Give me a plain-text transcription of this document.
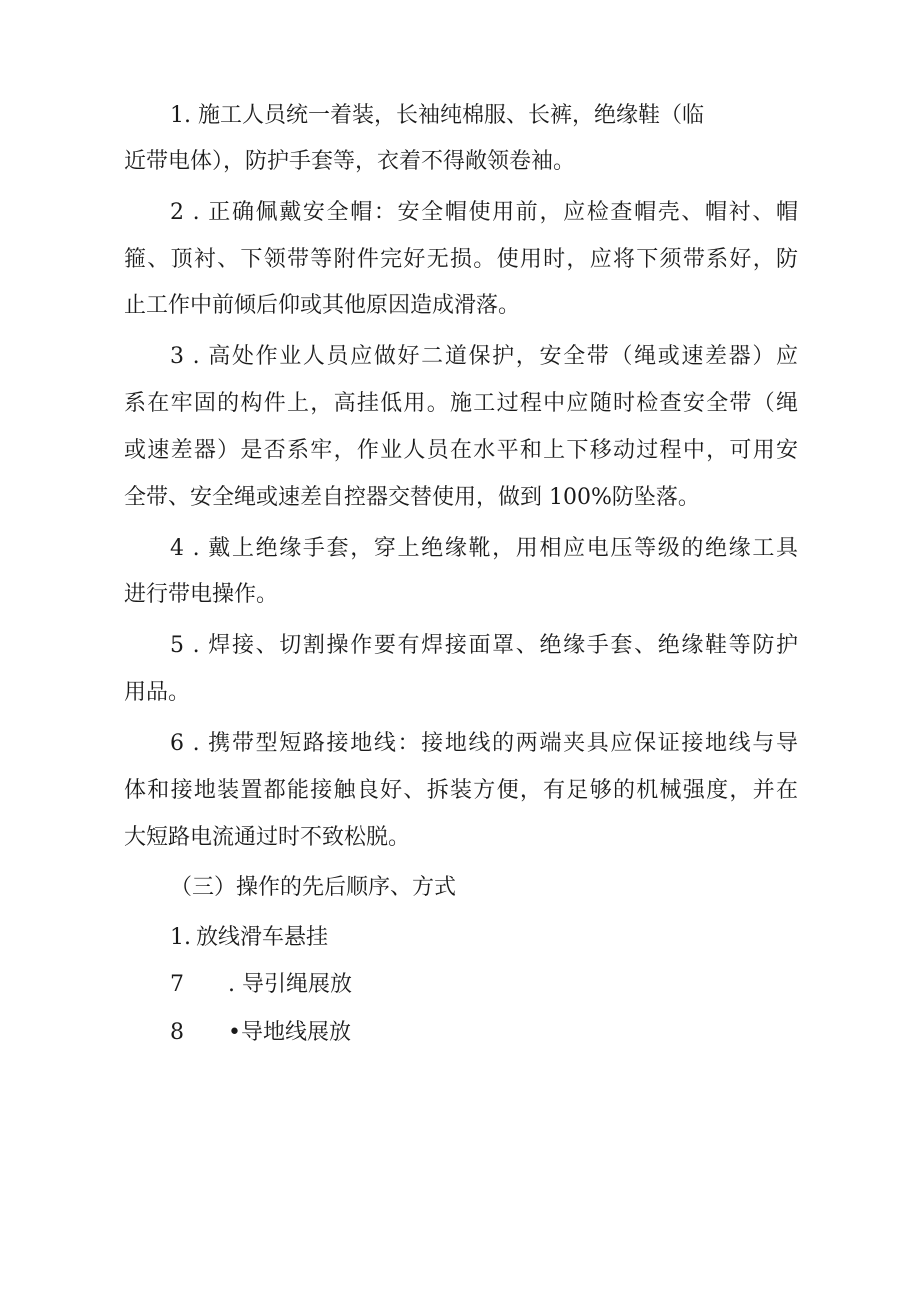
1. 施工人员统一着装，长袖纯棉服、长裤，绝缘鞋（临
近带电体），防护手套等，衣着不得敞领卷袖。
2 . 正确佩戴安全帽：安全帽使用前，应检查帽壳、帽衬、帽
箍、顶衬、下领带等附件完好无损。使用时，应将下须带系好，防
止工作中前倾后仰或其他原因造成滑落。
3 . 高处作业人员应做好二道保护，安全带（绳或速差器）应
系在牢固的构件上，高挂低用。施工过程中应随时检查安全带（绳
或速差器）是否系牢，作业人员在水平和上下移动过程中，可用安
全带、安全绳或速差自控器交替使用，做到 100%防坠落。
4 . 戴上绝缘手套，穿上绝缘靴，用相应电压等级的绝缘工具
进行带电操作。
5 . 焊接、切割操作要有焊接面罩、绝缘手套、绝缘鞋等防护
用品。
6 . 携带型短路接地线：接地线的两端夹具应保证接地线与导
体和接地装置都能接触良好、拆装方便，有足够的机械强度，并在
大短路电流通过时不致松脱。
（三）操作的先后顺序、方式
1. 放线滑车悬挂
7 . 导引绳展放
8 •导地线展放
